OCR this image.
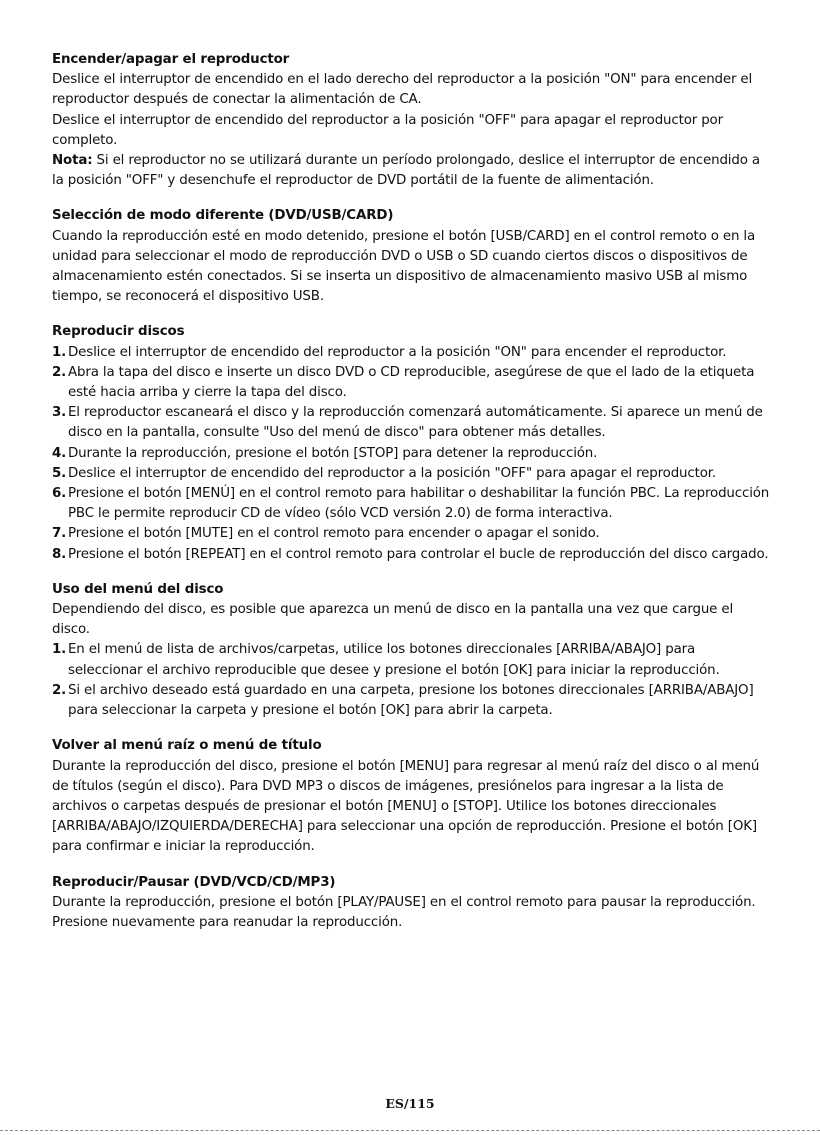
Encender/apagar el reproductor
Deslice el interruptor de encendido en el lado derecho del reproductor a la posición "ON" para encender el reproductor después de conectar la alimentación de CA.
Deslice el interruptor de encendido del reproductor a la posición "OFF" para apagar el reproductor por completo.
Nota: Si el reproductor no se utilizará durante un período prolongado, deslice el interruptor de encendido a la posición "OFF" y desenchufe el reproductor de DVD portátil de la fuente de alimentación.
Selección de modo diferente (DVD/USB/CARD)
Cuando la reproducción esté en modo detenido, presione el botón [USB/CARD] en el control remoto o en la unidad para seleccionar el modo de reproducción DVD o USB o SD cuando ciertos discos o dispositivos de almacenamiento estén conectados. Si se inserta un dispositivo de almacenamiento masivo USB al mismo tiempo, se reconocerá el dispositivo USB.
Reproducir discos
1. Deslice el interruptor de encendido del reproductor a la posición "ON" para encender el reproductor.
2. Abra la tapa del disco e inserte un disco DVD o CD reproducible, asegúrese de que el lado de la etiqueta esté hacia arriba y cierre la tapa del disco.
3. El reproductor escaneará el disco y la reproducción comenzará automáticamente. Si aparece un menú de disco en la pantalla, consulte "Uso del menú de disco" para obtener más detalles.
4. Durante la reproducción, presione el botón [STOP] para detener la reproducción.
5. Deslice el interruptor de encendido del reproductor a la posición "OFF" para apagar el reproductor.
6. Presione el botón [MENÚ] en el control remoto para habilitar o deshabilitar la función PBC. La reproducción PBC le permite reproducir CD de vídeo (sólo VCD versión 2.0) de forma interactiva.
7. Presione el botón [MUTE] en el control remoto para encender o apagar el sonido.
8. Presione el botón [REPEAT] en el control remoto para controlar el bucle de reproducción del disco cargado.
Uso del menú del disco
Dependiendo del disco, es posible que aparezca un menú de disco en la pantalla una vez que cargue el disco.
1. En el menú de lista de archivos/carpetas, utilice los botones direccionales [ARRIBA/ABAJO] para seleccionar el archivo reproducible que desee y presione el botón [OK] para iniciar la reproducción.
2. Si el archivo deseado está guardado en una carpeta, presione los botones direccionales [ARRIBA/ABAJO] para seleccionar la carpeta y presione el botón [OK] para abrir la carpeta.
Volver al menú raíz o menú de título
Durante la reproducción del disco, presione el botón [MENU] para regresar al menú raíz del disco o al menú de títulos (según el disco). Para DVD MP3 o discos de imágenes, presiónelos para ingresar a la lista de archivos o carpetas después de presionar el botón [MENU] o [STOP]. Utilice los botones direccionales [ARRIBA/ABAJO/IZQUIERDA/DERECHA] para seleccionar una opción de reproducción. Presione el botón [OK] para confirmar e iniciar la reproducción.
Reproducir/Pausar (DVD/VCD/CD/MP3)
Durante la reproducción, presione el botón [PLAY/PAUSE] en el control remoto para pausar la reproducción. Presione nuevamente para reanudar la reproducción.
ES/115
